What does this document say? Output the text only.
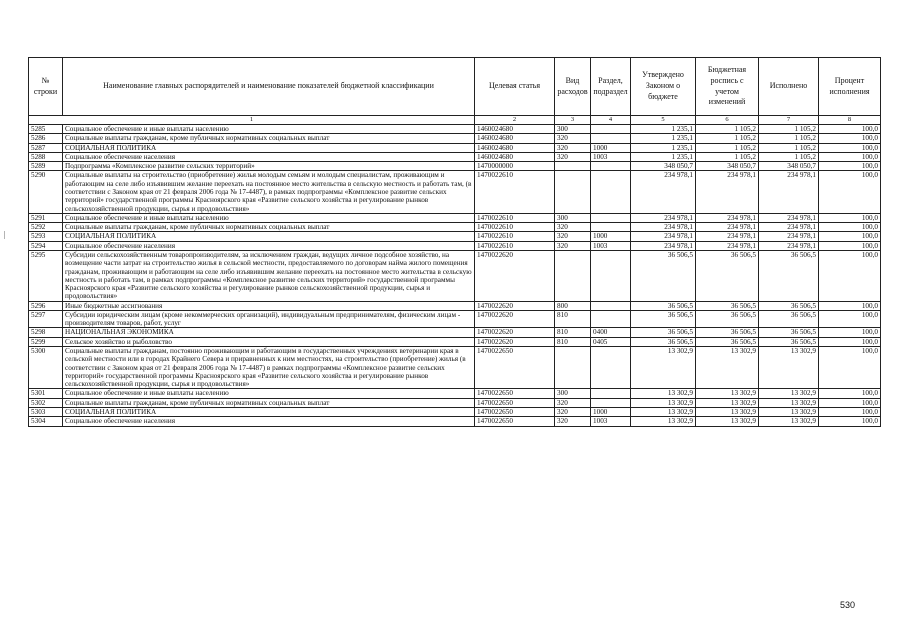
|
№ строки	Наименование главных распорядителей и наименование показателей бюджетной классификации	Целевая статья	Вид расходов	Раздел, подраздел	Утверждено Законом о бюджете	Бюджетная роспись с учетом изменений	Исполнено	Процент исполнения
1		2	3	4	5	6	7	8
5285	Социальное обеспечение и иные выплаты населению	1460024680	300		1 235,1	1 105,2	1 105,2	100,0
5286	Социальные выплаты гражданам, кроме публичных нормативных социальных выплат	1460024680	320		1 235,1	1 105,2	1 105,2	100,0
5287	СОЦИАЛЬНАЯ ПОЛИТИКА	1460024680	320	1000	1 235,1	1 105,2	1 105,2	100,0
5288	Социальное обеспечение населения	1460024680	320	1003	1 235,1	1 105,2	1 105,2	100,0
5289	Подпрограмма «Комплексное развитие сельских территорий»	1470000000			348 050,7	348 050,7	348 050,7	100,0
5290	Социальные выплаты на строительство (приобретение) жилья молодым семьям и молодым специалистам, проживающим и работающим на селе либо изъявившим желание переехать на постоянное место жительства в сельскую местность и работать там, (в соответствии с Законом края от 21 февраля 2006 года № 17-4487), в рамках подпрограммы «Комплексное развитие сельских территорий» государственной программы Красноярского края «Развитие сельского хозяйства и регулирование рынков сельскохозяйственной продукции, сырья и продовольствия»	1470022610			234 978,1	234 978,1	234 978,1	100,0
5291	Социальное обеспечение и иные выплаты населению	1470022610	300		234 978,1	234 978,1	234 978,1	100,0
5292	Социальные выплаты гражданам, кроме публичных нормативных социальных выплат	1470022610	320		234 978,1	234 978,1	234 978,1	100,0
5293	СОЦИАЛЬНАЯ ПОЛИТИКА	1470022610	320	1000	234 978,1	234 978,1	234 978,1	100,0
5294	Социальное обеспечение населения	1470022610	320	1003	234 978,1	234 978,1	234 978,1	100,0
5295	Субсидии сельскохозяйственным товаропроизводителям, за исключением граждан, ведущих личное подсобное хозяйство, на возмещение части затрат на строительство жилья в сельской местности, предоставляемого по договорам найма жилого помещения гражданам, проживающим и работающим на селе либо изъявившим желание переехать на постоянное место жительства в сельскую местность и работать там, в рамках подпрограммы «Комплексное развитие сельских территорий» государственной программы Красноярского края «Развитие сельского хозяйства и регулирование рынков сельскохозяйственной продукции, сырья и продовольствия»	1470022620			36 506,5	36 506,5	36 506,5	100,0
5296	Иные бюджетные ассигнования	1470022620	800		36 506,5	36 506,5	36 506,5	100,0
5297	Субсидии юридическим лицам (кроме некоммерческих организаций), индивидуальным предпринимателям, физическим лицам - производителям товаров, работ, услуг	1470022620	810		36 506,5	36 506,5	36 506,5	100,0
5298	НАЦИОНАЛЬНАЯ ЭКОНОМИКА	1470022620	810	0400	36 506,5	36 506,5	36 506,5	100,0
5299	Сельское хозяйство и рыболовство	1470022620	810	0405	36 506,5	36 506,5	36 506,5	100,0
5300	Социальные выплаты гражданам, постоянно проживающим и работающим в государственных учреждениях ветеринарии края в сельской местности или в городах Крайнего Севера и приравненных к ним местностях, на строительство (приобретение) жилья (в соответствии с Законом края от 21 февраля 2006 года № 17-4487) в рамках подпрограммы «Комплексное развитие сельских территорий» государственной программы Красноярского края «Развитие сельского хозяйства и регулирование рынков сельскохозяйственной продукции, сырья и продовольствия»	1470022650			13 302,9	13 302,9	13 302,9	100,0
5301	Социальное обеспечение и иные выплаты населению	1470022650	300		13 302,9	13 302,9	13 302,9	100,0
5302	Социальные выплаты гражданам, кроме публичных нормативных социальных выплат	1470022650	320		13 302,9	13 302,9	13 302,9	100,0
5303	СОЦИАЛЬНАЯ ПОЛИТИКА	1470022650	320	1000	13 302,9	13 302,9	13 302,9	100,0
5304	Социальное обеспечение населения	1470022650	320	1003	13 302,9	13 302,9	13 302,9	100,0
530
